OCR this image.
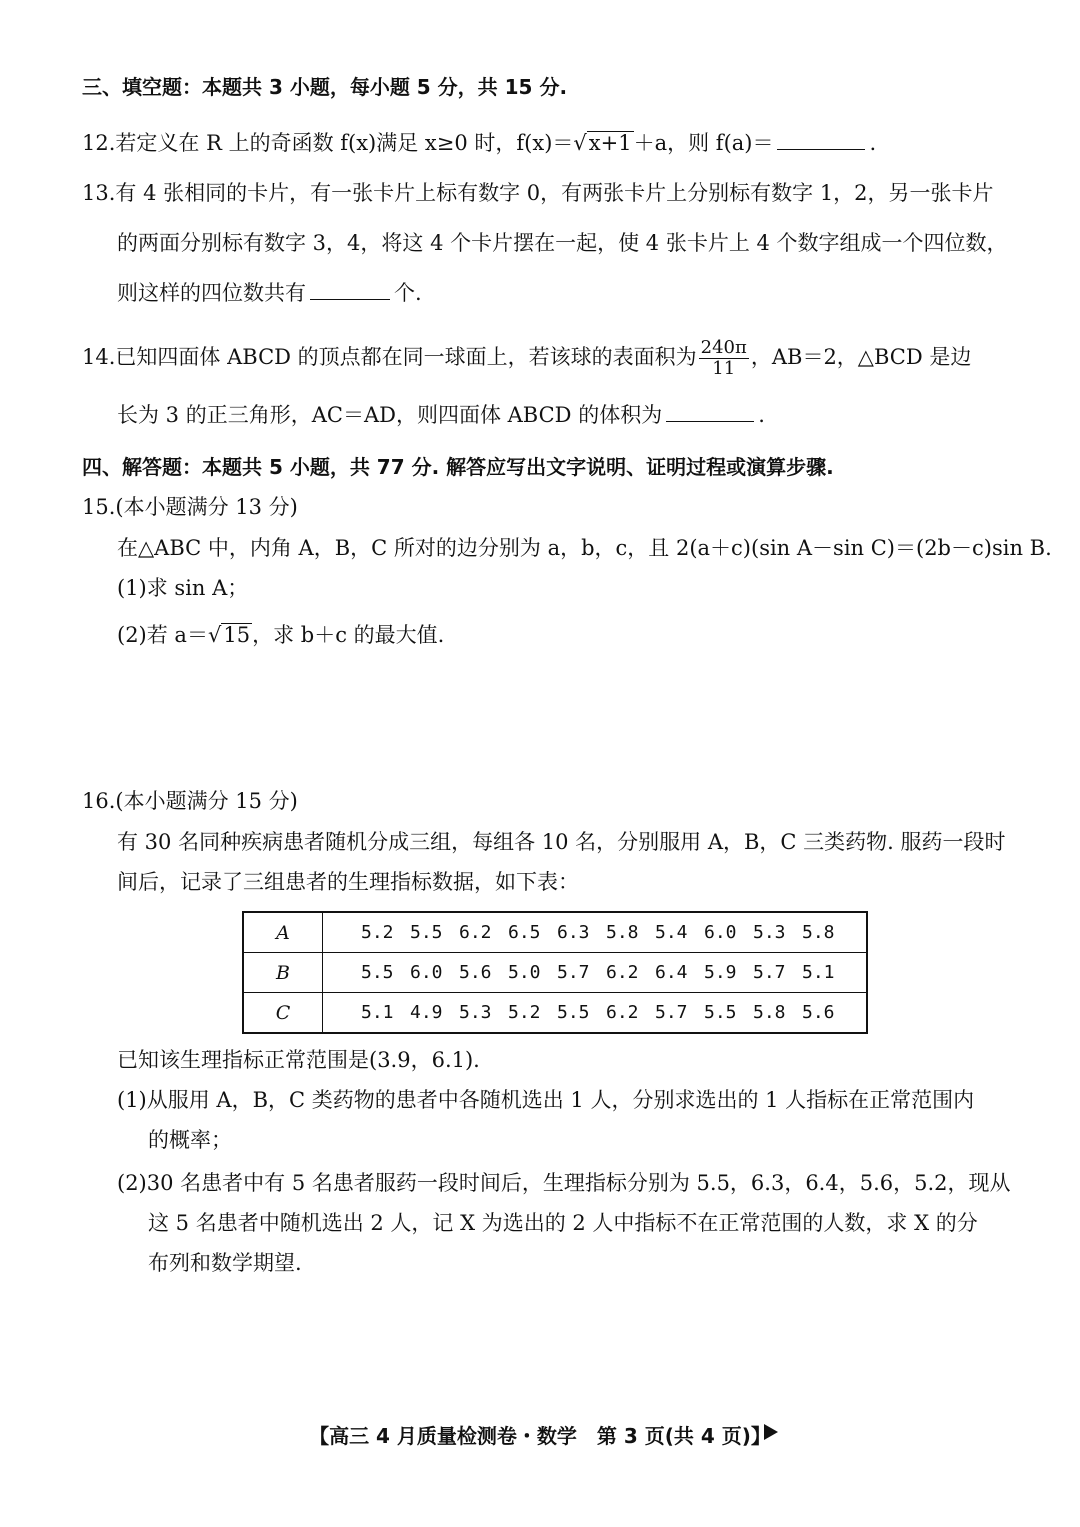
三、填空题：本题共 3 小题，每小题 5 分，共 15 分.
12.若定义在 R 上的奇函数 f(x)满足 x≥0 时，f(x)＝√x+1＋a，则 f(a)＝	.
13.有 4 张相同的卡片，有一张卡片上标有数字 0，有两张卡片上分别标有数字 1，2，另一张卡片
的两面分别标有数字 3，4，将这 4 个卡片摆在一起，使 4 张卡片上 4 个数字组成一个四位数，
则这样的四位数共有	个.
14.已知四面体 ABCD 的顶点都在同一球面上，若该球的表面积为 $\frac{240\pi}{11}$ ，AB＝2，△BCD 是边
长为 3 的正三角形，AC＝AD，则四面体 ABCD 的体积为	.
四、解答题：本题共 5 小题，共 77 分. 解答应写出文字说明、证明过程或演算步骤.
15.(本小题满分 13 分)
在△ABC 中，内角 A，B，C 所对的边分别为 a，b，c，且 2(a＋c)(sin A－sin C)＝(2b－c)sin B.
(1)求 sin A；
(2)若 a＝√15，求 b＋c 的最大值.
16.(本小题满分 15 分)
有 30 名同种疾病患者随机分成三组，每组各 10 名，分别服用 A，B，C 三类药物. 服药一段时
间后，记录了三组患者的生理指标数据，如下表：
A	5.2 5.5 6.2 6.5 6.3 5.8 5.4 6.0 5.3 5.8
B	5.5 6.0 5.6 5.0 5.7 6.2 6.4 5.9 5.7 5.1
C	5.1 4.9 5.3 5.2 5.5 6.2 5.7 5.5 5.8 5.6
已知该生理指标正常范围是(3.9，6.1).
(1)从服用 A，B，C 类药物的患者中各随机选出 1 人，分别求选出的 1 人指标在正常范围内
的概率；
(2)30 名患者中有 5 名患者服药一段时间后，生理指标分别为 5.5，6.3，6.4，5.6，5.2，现从
这 5 名患者中随机选出 2 人，记 X 为选出的 2 人中指标不在正常范围的人数，求 X 的分
布列和数学期望.
【高三 4 月质量检测卷・数学　第 3 页(共 4 页)】
